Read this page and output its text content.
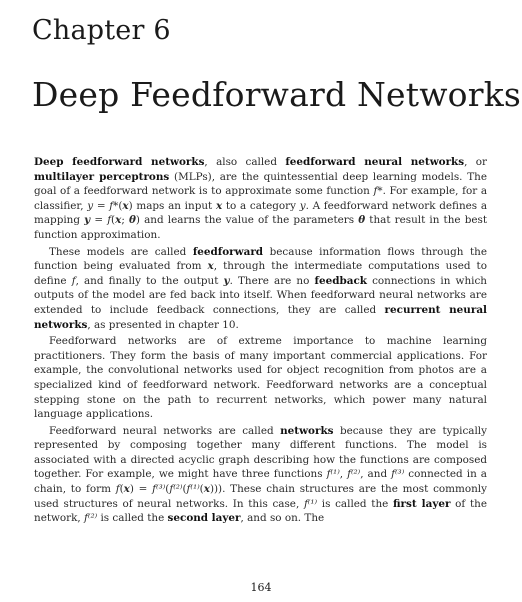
Chapter 6
Deep Feedforward Networks

Deep feedforward networks, also called feedforward neural networks, or multilayer perceptrons (MLPs), are the quintessential deep learning models. The goal of a feedforward network is to approximate some function f*. For example, for a classifier, y = f*(x) maps an input x to a category y. A feedforward network defines a mapping y = f(x; θ) and learns the value of the parameters θ that result in the best function approximation.

These models are called feedforward because information flows through the function being evaluated from x, through the intermediate computations used to define f, and finally to the output y. There are no feedback connections in which outputs of the model are fed back into itself. When feedforward neural networks are extended to include feedback connections, they are called recurrent neural networks, as presented in chapter 10.

Feedforward networks are of extreme importance to machine learning practitioners. They form the basis of many important commercial applications. For example, the convolutional networks used for object recognition from photos are a specialized kind of feedforward network. Feedforward networks are a conceptual stepping stone on the path to recurrent networks, which power many natural language applications.

Feedforward neural networks are called networks because they are typically represented by composing together many different functions. The model is associated with a directed acyclic graph describing how the functions are composed together. For example, we might have three functions f⁽¹⁾, f⁽²⁾, and f⁽³⁾ connected in a chain, to form f(x) = f⁽³⁾(f⁽²⁾(f⁽¹⁾(x))). These chain structures are the most commonly used structures of neural networks. In this case, f⁽¹⁾ is called the first layer of the network, f⁽²⁾ is called the second layer, and so on. The

164
